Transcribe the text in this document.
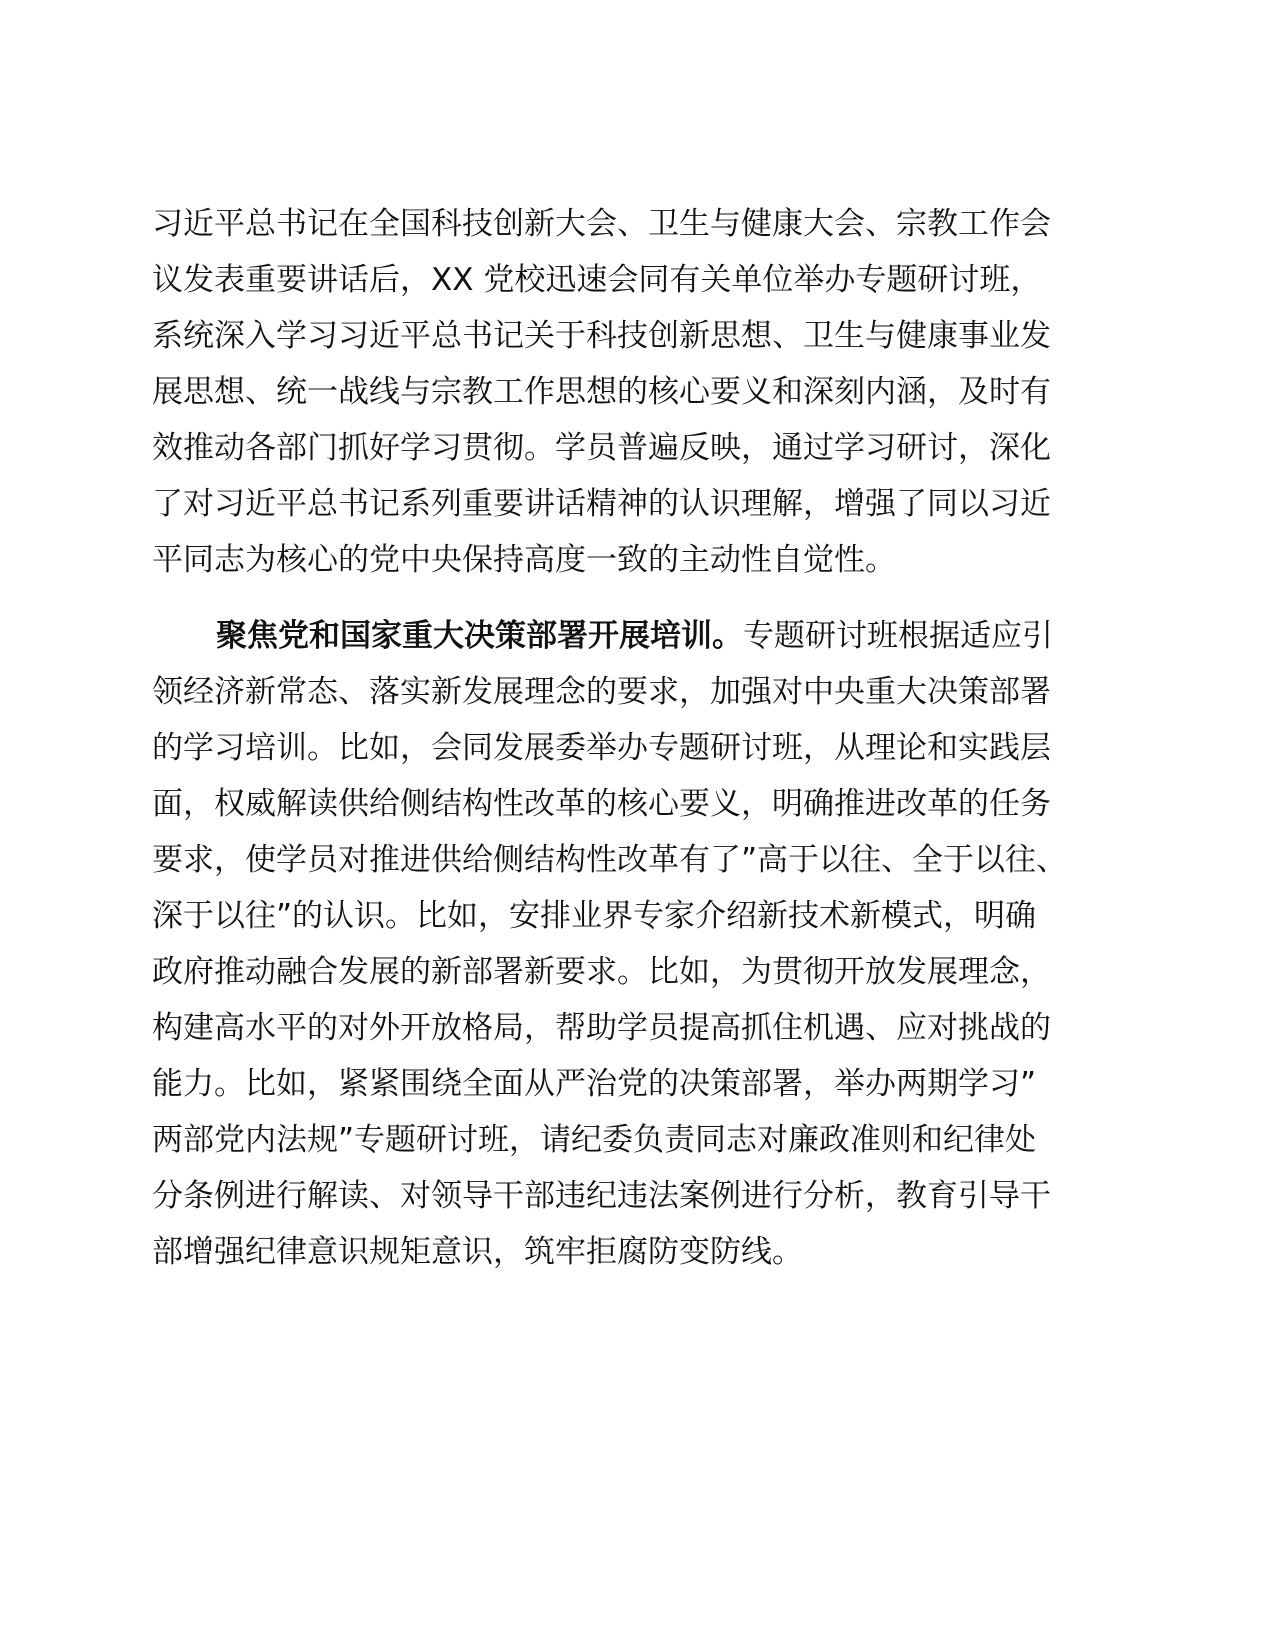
习近平总书记在全国科技创新大会、卫生与健康大会、宗教工作会
议发表重要讲话后，XX 党校迅速会同有关单位举办专题研讨班，
系统深入学习习近平总书记关于科技创新思想、卫生与健康事业发
展思想、统一战线与宗教工作思想的核心要义和深刻内涵，及时有
效推动各部门抓好学习贯彻。学员普遍反映，通过学习研讨，深化
了对习近平总书记系列重要讲话精神的认识理解，增强了同以习近
平同志为核心的党中央保持高度一致的主动性自觉性。

聚焦党和国家重大决策部署开展培训。专题研讨班根据适应引
领经济新常态、落实新发展理念的要求，加强对中央重大决策部署
的学习培训。比如，会同发展委举办专题研讨班，从理论和实践层
面，权威解读供给侧结构性改革的核心要义，明确推进改革的任务
要求，使学员对推进供给侧结构性改革有了”高于以往、全于以往、
深于以往”的认识。比如，安排业界专家介绍新技术新模式，明确
政府推动融合发展的新部署新要求。比如，为贯彻开放发展理念，
构建高水平的对外开放格局，帮助学员提高抓住机遇、应对挑战的
能力。比如，紧紧围绕全面从严治党的决策部署，举办两期学习”
两部党内法规”专题研讨班，请纪委负责同志对廉政准则和纪律处
分条例进行解读、对领导干部违纪违法案例进行分析，教育引导干
部增强纪律意识规矩意识，筑牢拒腐防变防线。
